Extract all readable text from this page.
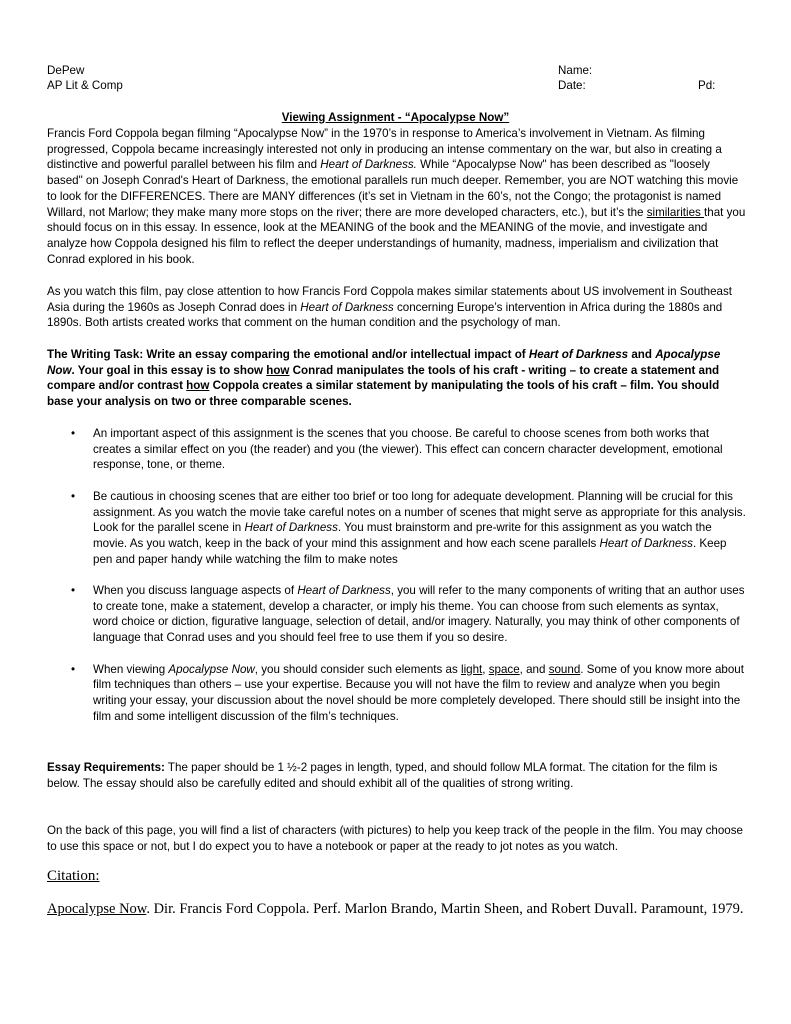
DePew

AP Lit & Comp

Name:

Date:	Pd:

Viewing Assignment - “Apocalypse Now”

Francis Ford Coppola began filming “Apocalypse Now” in the 1970’s in response to America’s involvement in Vietnam. As filming progressed, Coppola became increasingly interested not only in producing an intense commentary on the war, but also in creating a distinctive and powerful parallel between his film and Heart of Darkness. While “Apocalypse Now" has been described as "loosely based" on Joseph Conrad's Heart of Darkness, the emotional parallels run much deeper. Remember, you are NOT watching this movie to look for the DIFFERENCES. There are MANY differences (it’s set in Vietnam in the 60’s, not the Congo; the protagonist is named Willard, not Marlow; they make many more stops on the river; there are more developed characters, etc.), but it’s the similarities that you should focus on in this essay. In essence, look at the MEANING of the book and the MEANING of the movie, and investigate and analyze how Coppola designed his film to reflect the deeper understandings of humanity, madness, imperialism and civilization that Conrad explored in his book.

As you watch this film, pay close attention to how Francis Ford Coppola makes similar statements about US involvement in Southeast Asia during the 1960s as Joseph Conrad does in Heart of Darkness concerning Europe’s intervention in Africa during the 1880s and 1890s. Both artists created works that comment on the human condition and the psychology of man.

The Writing Task: Write an essay comparing the emotional and/or intellectual impact of Heart of Darkness and Apocalypse Now. Your goal in this essay is to show how Conrad manipulates the tools of his craft - writing – to create a statement and compare and/or contrast how Coppola creates a similar statement by manipulating the tools of his craft – film. You should base your analysis on two or three comparable scenes.

• An important aspect of this assignment is the scenes that you choose. Be careful to choose scenes from both works that creates a similar effect on you (the reader) and you (the viewer). This effect can concern character development, emotional response, tone, or theme.
• Be cautious in choosing scenes that are either too brief or too long for adequate development. Planning will be crucial for this assignment. As you watch the movie take careful notes on a number of scenes that might serve as appropriate for this analysis. Look for the parallel scene in Heart of Darkness. You must brainstorm and pre-write for this assignment as you watch the movie. As you watch, keep in the back of your mind this assignment and how each scene parallels Heart of Darkness. Keep pen and paper handy while watching the film to make notes
• When you discuss language aspects of Heart of Darkness, you will refer to the many components of writing that an author uses to create tone, make a statement, develop a character, or imply his theme. You can choose from such elements as syntax, word choice or diction, figurative language, selection of detail, and/or imagery. Naturally, you may think of other components of language that Conrad uses and you should feel free to use them if you so desire.
• When viewing Apocalypse Now, you should consider such elements as light, space, and sound. Some of you know more about film techniques than others – use your expertise. Because you will not have the film to review and analyze when you begin writing your essay, your discussion about the novel should be more completely developed. There should still be insight into the film and some intelligent discussion of the film’s techniques.

Essay Requirements: The paper should be 1 ½-2 pages in length, typed, and should follow MLA format. The citation for the film is below. The essay should also be carefully edited and should exhibit all of the qualities of strong writing.

On the back of this page, you will find a list of characters (with pictures) to help you keep track of the people in the film. You may choose to use this space or not, but I do expect you to have a notebook or paper at the ready to jot notes as you watch.

Citation:
Apocalypse Now. Dir. Francis Ford Coppola. Perf. Marlon Brando, Martin Sheen, and Robert Duvall. Paramount, 1979.
